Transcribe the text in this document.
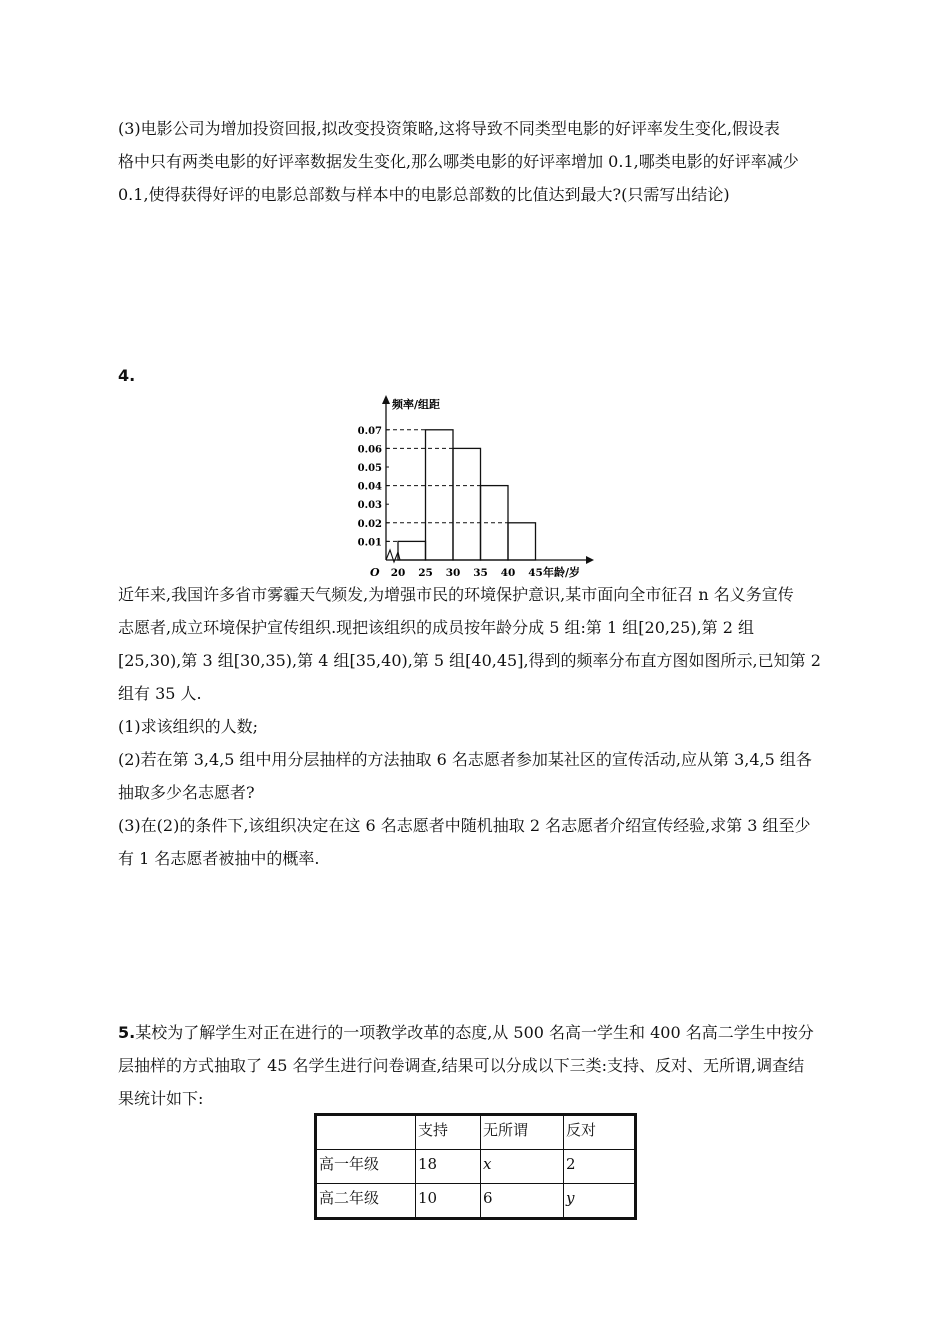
(3)电影公司为增加投资回报,拟改变投资策略,这将导致不同类型电影的好评率发生变化,假设表

格中只有两类电影的好评率数据发生变化,那么哪类电影的好评率增加 0.1,哪类电影的好评率减少

0.1,使得获得好评的电影总部数与样本中的电影总部数的比值达到最大?(只需写出结论)

4.
频率/组距
年龄/岁
O
0.01
0.02
0.03
0.04
0.05
0.06
0.07
20 25 30 35 40 45

近年来,我国许多省市雾霾天气频发,为增强市民的环境保护意识,某市面向全市征召 n 名义务宣传

志愿者,成立环境保护宣传组织.现把该组织的成员按年龄分成 5 组:第 1 组[20,25),第 2 组

[25,30),第 3 组[30,35),第 4 组[35,40),第 5 组[40,45],得到的频率分布直方图如图所示,已知第 2

组有 35 人.

(1)求该组织的人数;

(2)若在第 3,4,5 组中用分层抽样的方法抽取 6 名志愿者参加某社区的宣传活动,应从第 3,4,5 组各

抽取多少名志愿者?

(3)在(2)的条件下,该组织决定在这 6 名志愿者中随机抽取 2 名志愿者介绍宣传经验,求第 3 组至少

有 1 名志愿者被抽中的概率.

5.某校为了解学生对正在进行的一项教学改革的态度,从 500 名高一学生和 400 名高二学生中按分

层抽样的方式抽取了 45 名学生进行问卷调查,结果可以分成以下三类:支持、反对、无所谓,调查结

果统计如下:

	支持	无所谓	反对
高一年级	18	x	2
高二年级	10	6	y
